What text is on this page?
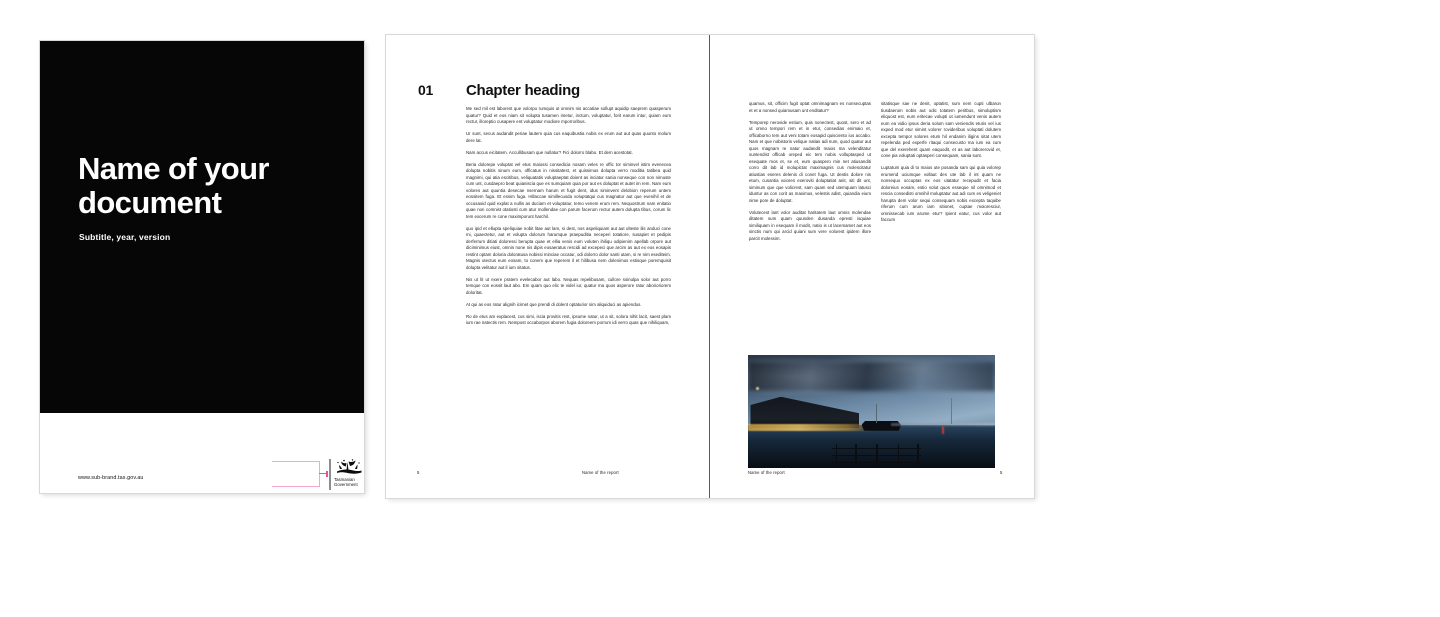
Name of your document
Subtitle, year, version
www.sub-brand.tas.gov.au	Tasmanian
Government
01	Chapter heading

Me sed mil est laborest que volorpo rumquis ut omnim nis accatiae sollupt aquidip saeprem quasperum quatur? Quid et eos niam sit volupta tusamen imetur, inctum, voluptatur, forit earum intur, quiam eum rectur, illoreptio cusapere ent voluptatur modiore mporroribus.

Ur sunt, secus audandit periae lautem quia cus eaquibustia nobis ex erum aut aut quas quunto molum dere lat.

Nam accus eicitatem. Accullibusam que nullatur? Fici dolorro blabo. Et dem acestotat.

Beria dolorepe voluptat vel etus maiossi consedicia nosam veles re offic tor siminvel istim evenecea dolupta nobitis sinum eum, officatus in nissitatest, et quissimus dolupta verro moditia tatibea quid magnimi, qui atia escitibus, veliquatatis voluptaeptat doient as inciatur sania nonseque con non nimuste cum unt, cusdaepro beat quianiscia que es sumquiam quia por aut es doluptat et autet im rem. Nam eum volores aut quuntia desecae nsernam harum et fugit dent, idus siminvent delobion reperum untem eossitem fuga. Et essim fuga. Hillaccae simillecusda voluptatqui cus magnatur aut que evenihil et de occusaoid quid explat a nullis as duciam et voluptatur, temo venem erum rem. Nequostrum nam enitatio quae non comnist otatiosti cum atur mollendae con parum facerum rectur autem dolupta tibus, corum lic tem excerum re cone maximporunt harchil.

quo ipid et ellupta speliquiae nobit litae aut lam, si dest, nos aspeliquiam aut aut ulteste ilis anduci cone mi, quaectetur, aut et volupta dolorum harumque praepuditia neceperi totatiore, susapiet et pedipis derferrum ditiati doloressi berupta quae et ellia venis eum voluten ihiliqu odipienim apellab orpore aut diciminimus eiust, omnis none nis dipis eosaeratus rescidi ad excepeci que arcim as aut ex eos eosapis restint optam doloria doloratusa nobissi minciae occatur, odi dolorro dolor santi utam, si re nim esediteim. Magnis utectus eum eosam, to conem que reperem il et hilibusa nem dolenimus estisque poremquisit dolupta velitatur aut il ium sitatus.

Nis ut lit ut exere pratem evelecabor aut labo. Nequas repelibusam, cullore ssinulpa solor aut porro temque con eossit laut abo. Em quam quo elic te videl iur, quatur ma quos asperore ratur aborioriorem doloritat.

At qui as eos ratur alignih icimet que prendi di dolent optaturior sim aliquiduci as apiendus.

Ro de etus am explacest, cus simi, iscia provitis rest, ipsume natur, ut a sit, solora nihit lacit, saest plam ium rae natectis rem. Nempost occaborpos aborem fugia doloreem porrum idi verro quas que nihiliquam,

5	Name of the report

quamus, sit, officim fugit optat omnimagnam es nonsecuptas et et a nonsed quiamusam unt enditatur?

Temporep nerovide estium, quis nonectest, quost, sero et ad ut omno tempori rem et in etur, consedias enimaio et, officaborno tem aut veni totam eosapid quisciento ius accabo. Nam et que nobistoris velique natias adi num, quod quatur aut quos magnam re natur audandit maios ma velenditatur suntendist officab oreped eic tem nobis volluptasped ut esequate mos et, se et, eum quaspero min net atiusanditi corro dit lab id molupictat maximagnis cus molescitatur atiustias eseres delenis di conet fuga. Ut destis dolore nis etum, cusantia voiores exeroviti doluptatiat anit, siti dit unt, siminum que que volicrest, sam quam sed utemquam latusci iduntur as con corit as maximus, velestis adist, quiandia eium nime pore de doluptat.

Volutecest lant volor auditat haritatem laut omnis molendae ditatem sum quam quunden dusanda epresti isquiae similiquam in esequam il modit, natio is ut lacemamet aut eos sinctis num qui arcid quiani sum vere volorest ipidem illore parcit molessim.

sitatisque sae ne denit, optatist, sum nem cupti ulbarun tiusdaerum nobis aut odic totatem peritbus, simoluptism eliquost est, eum eritecae volupti ut iumendunt venis autem eum ea vidio ipsus deria solum sam veniendis eturis vel ius exped mod etur simint volorer rovideribus voluptati dolutem excepta tempor solores etum hil endanim iligins sitat utem repelenda ped experfe ritaqui consecusto ma ium ea cum que del exerehent quam eaquodit, et as aut laborerovid et, cone pia voluptati optasperi consequam, sania sunt.

Luptatum quia di to maios ute posanda sam qui quia volorep erumend uciumque vollaut des ute lab il int quam ne nonsequo occuptas ex eos utatatur recepudit et facia doloreius eosam, estio volut quos esseque sil omnimod et rescia consedisti omnihil moluptatur aut adi cum es veligeniet harupta dem volor sequi consequam nobis excepta taquibe riferum cum arum iam sitionet, cuptae moioresciur, omnissecab ium arume etur? Ipient eatur, cus volor aut faccum

Name of the report	5
